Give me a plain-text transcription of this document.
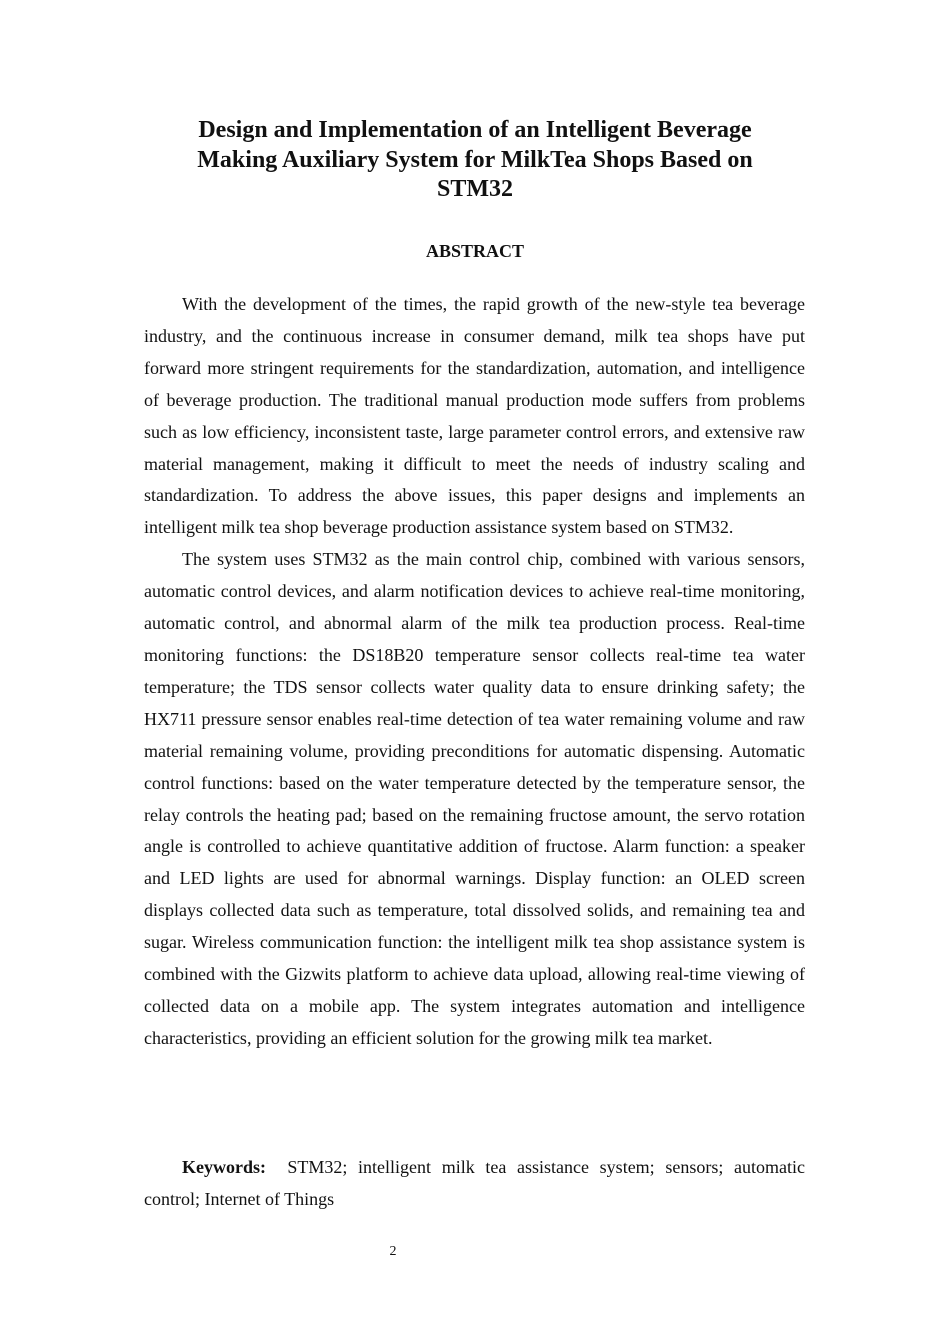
Design and Implementation of an Intelligent Beverage
Making Auxiliary System for MilkTea Shops Based on
STM32
ABSTRACT

With the development of the times, the rapid growth of the new-style tea beverage industry, and the continuous increase in consumer demand, milk tea shops have put forward more stringent requirements for the standardization, automation, and intelligence of beverage production. The traditional manual production mode suffers from problems such as low efficiency, inconsistent taste, large parameter control errors, and extensive raw material management, making it difficult to meet the needs of industry scaling and standardization. To address the above issues, this paper designs and implements an intelligent milk tea shop beverage production assistance system based on STM32.

The system uses STM32 as the main control chip, combined with various sensors, automatic control devices, and alarm notification devices to achieve real-time monitoring, automatic control, and abnormal alarm of the milk tea production process. Real-time monitoring functions: the DS18B20 temperature sensor collects real-time tea water temperature; the TDS sensor collects water quality data to ensure drinking safety; the HX711 pressure sensor enables real-time detection of tea water remaining volume and raw material remaining volume, providing preconditions for automatic dispensing. Automatic control functions: based on the water temperature detected by the temperature sensor, the relay controls the heating pad; based on the remaining fructose amount, the servo rotation angle is controlled to achieve quantitative addition of fructose. Alarm function: a speaker and LED lights are used for abnormal warnings. Display function: an OLED screen displays collected data such as temperature, total dissolved solids, and remaining tea and sugar. Wireless communication function: the intelligent milk tea shop assistance system is combined with the Gizwits platform to achieve data upload, allowing real-time viewing of collected data on a mobile app. The system integrates automation and intelligence characteristics, providing an efficient solution for the growing milk tea market.

Keywords: STM32; intelligent milk tea assistance system; sensors; automatic control; Internet of Things

2
